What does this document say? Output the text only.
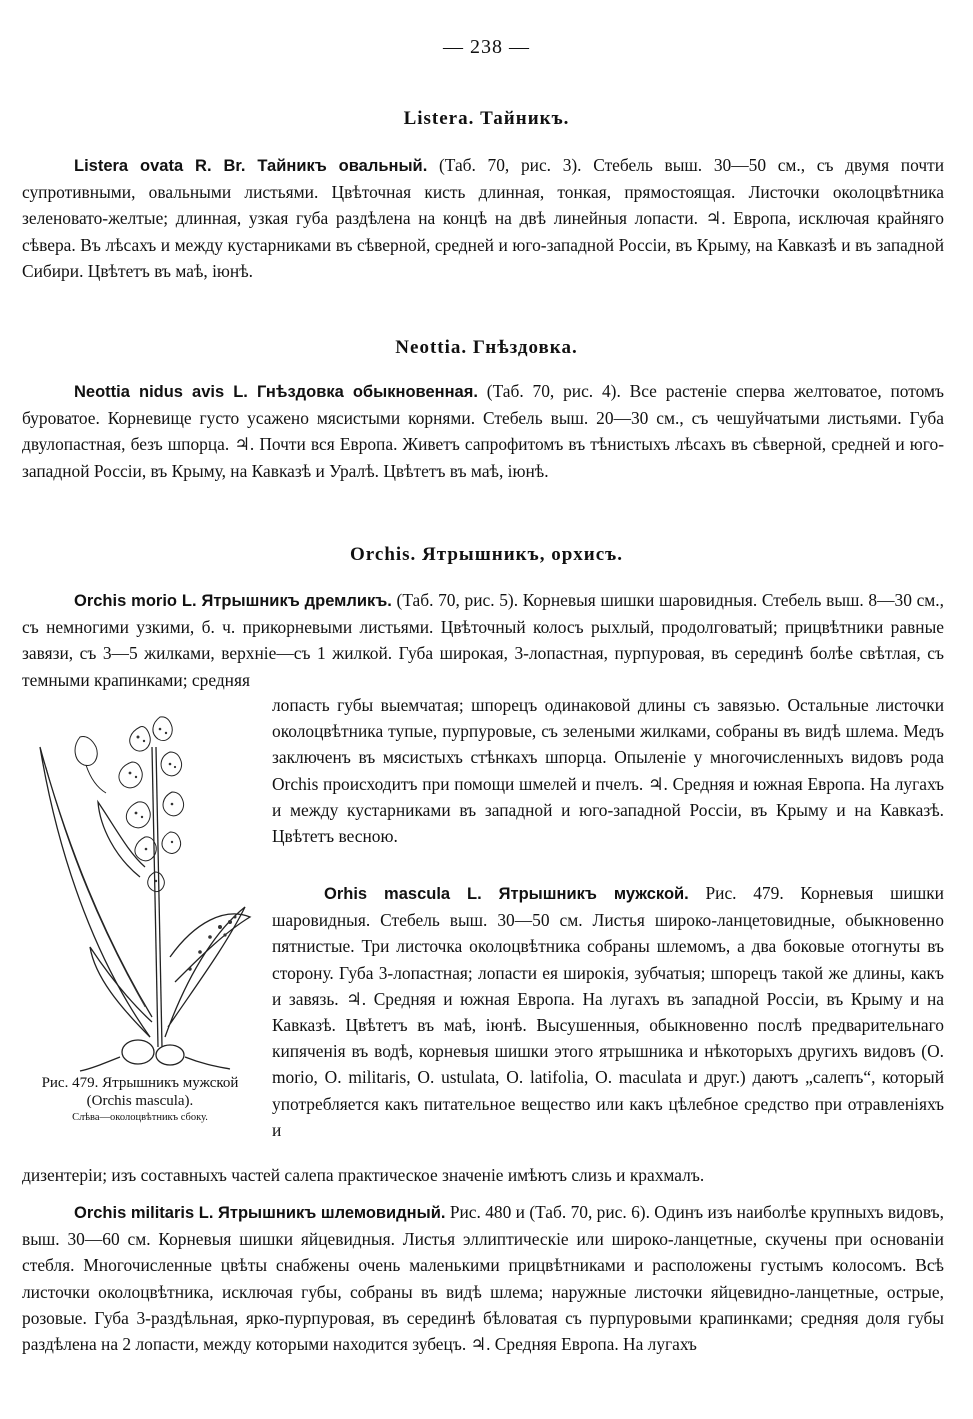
— 238 —
Listera. Тайникъ.
Listera ovata R. Br. Тайникъ овальный. (Таб. 70, рис. 3). Стебель выш. 30—50 см., съ двумя почти супротивными, овальными листьями. Цвѣточная кисть длинная, тонкая, прямостоящая. Листочки околоцвѣтника зеленовато-желтые; длинная, узкая губа раздѣлена на концѣ на двѣ линейныя лопасти. ♃. Европа, исключая крайняго сѣвера. Въ лѣсахъ и между кустарниками въ сѣверной, средней и юго-западной Россiи, въ Крыму, на Кавказѣ и въ западной Сибири. Цвѣтетъ въ маѣ, iюнѣ.
Neottia. Гнѣздовка.
Neottia nidus avis L. Гнѣздовка обыкновенная. (Таб. 70, рис. 4). Все растенiе сперва желтоватое, потомъ буроватое. Корневище густо усажено мясистыми корнями. Стебель выш. 20—30 см., съ чешуйчатыми листьями. Губа двулопастная, безъ шпорца. ♃. Почти вся Европа. Живетъ сапрофитомъ въ тѣнистыхъ лѣсахъ въ сѣверной, средней и юго-западной Россiи, въ Крыму, на Кавказѣ и Уралѣ. Цвѣтетъ въ маѣ, iюнѣ.
Orchis. Ятрышникъ, орхисъ.
Orchis morio L. Ятрышникъ дремликъ. (Таб. 70, рис. 5). Корневыя шишки шаровидныя. Стебель выш. 8—30 см., съ немногими узкими, б. ч. прикорневыми листьями. Цвѣточный колосъ рыхлый, продолговатый; прицвѣтники равные завязи, съ 3—5 жилками, верхнiе—съ 1 жилкой. Губа широкая, 3-лопастная, пурпуровая, въ серединѣ болѣе свѣтлая, съ темными крапинками; средняя
лопасть губы выемчатая; шпорецъ одинаковой длины съ завязью. Остальные листочки околоцвѣтника тупые, пурпуровые, съ зелеными жилками, собраны въ видѣ шлема. Медъ заключенъ въ мясистыхъ стѣнкахъ шпорца. Опыленiе у многочисленныхъ видовъ рода Orchis происходитъ при помощи шмелей и пчелъ. ♃. Средняя и южная Европа. На лугахъ и между кустарниками въ западной и юго-западной Россiи, въ Крыму и на Кавказѣ. Цвѣтетъ весною.
Orhis mascula L. Ятрышникъ мужской. Рис. 479. Корневыя шишки шаровидныя. Стебель выш. 30—50 см. Листья широко-ланцетовидные, обыкновенно пятнистые. Три листочка околоцвѣтника собраны шлемомъ, а два боковые отогнуты въ сторону. Губа 3-лопастная; лопасти ея широкiя, зубчатыя; шпорецъ такой же длины, какъ и завязь. ♃. Средняя и южная Европа. На лугахъ въ западной Россiи, въ Крыму и на Кавказѣ. Цвѣтетъ въ маѣ, iюнѣ. Высушенныя, обыкновенно послѣ предварительнаго кипяченiя въ водѣ, корневыя шишки этого ятрышника и нѣкоторыхъ другихъ видовъ (O. morio, O. militaris, O. ustulata, O. latifolia, O. maculata и друг.) даютъ „салепъ“, который употребляется какъ питательное вещество или какъ цѣлебное средство при отравленiяхъ и
дизентерiи; изъ составныхъ частей салепа практическое значенiе имѣютъ слизь и крахмалъ.
Orchis militaris L. Ятрышникъ шлемовидный. Рис. 480 и (Таб. 70, рис. 6). Одинъ изъ наиболѣе крупныхъ видовъ, выш. 30—60 см. Корневыя шишки яйцевидныя. Листья эллиптическiе или широко-ланцетные, скучены при основанiи стебля. Многочисленные цвѣты снабжены очень маленькими прицвѣтниками и расположены густымъ колосомъ. Всѣ листочки околоцвѣтника, исключая губы, собраны въ видѣ шлема; наружные листочки яйцевидно-ланцетные, острые, розовые. Губа 3-раздѣльная, ярко-пурпуровая, въ серединѣ бѣловатая съ пурпуровыми крапинками; средняя доля губы раздѣлена на 2 лопасти, между которыми находится зубецъ. ♃. Средняя Европа. На лугахъ
Рис. 479. Ятрышникъ мужской
(Orchis mascula).
Слѣва—околоцвѣтникъ сбоку.
